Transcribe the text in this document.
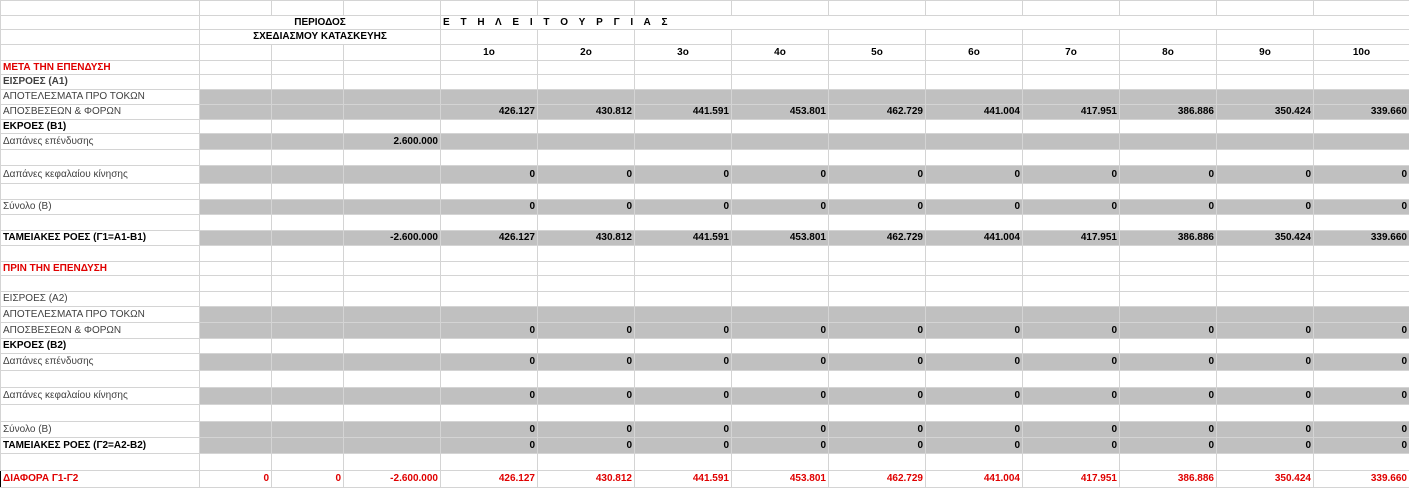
	ΠΕΡΙΟΔΟΣ			Ε Τ Η Λ Ε Ι Τ Ο Υ Ρ Γ Ι Α Σ									
	ΣΧΕΔΙΑΣΜΟΥ ΚΑΤΑΣΚΕΥΗΣ												
				1o	2o	3o	4o	5o	6o	7o	8o	9o	10o
ΜΕΤΑ ΤΗΝ ΕΠΕΝΔΥΣΗ													
ΕΙΣΡΟΕΣ (Α1)													
ΑΠΟΤΕΛΕΣΜΑΤΑ ΠΡΟ ΤΟΚΩΝ													
ΑΠΟΣΒΕΣΕΩΝ & ΦΟΡΩΝ				426.127	430.812	441.591	453.801	462.729	441.004	417.951	386.886	350.424	339.660
ΕΚΡΟΕΣ (Β1)													
Δαπάνες επένδυσης			2.600.000										

Δαπάνες κεφαλαίου κίνησης				0	0	0	0	0	0	0	0	0	0

Σύνολο (Β)				0	0	0	0	0	0	0	0	0	0

ΤΑΜΕΙΑΚΕΣ ΡΟΕΣ (Γ1=Α1-Β1)			-2.600.000	426.127	430.812	441.591	453.801	462.729	441.004	417.951	386.886	350.424	339.660

ΠΡΙΝ ΤΗΝ ΕΠΕΝΔΥΣΗ													

ΕΙΣΡΟΕΣ (Α2)													
ΑΠΟΤΕΛΕΣΜΑΤΑ ΠΡΟ ΤΟΚΩΝ													
ΑΠΟΣΒΕΣΕΩΝ & ΦΟΡΩΝ				0	0	0	0	0	0	0	0	0	0
ΕΚΡΟΕΣ (Β2)													
Δαπάνες επένδυσης				0	0	0	0	0	0	0	0	0	0

Δαπάνες κεφαλαίου κίνησης				0	0	0	0	0	0	0	0	0	0

Σύνολο (Β)				0	0	0	0	0	0	0	0	0	0
ΤΑΜΕΙΑΚΕΣ ΡΟΕΣ (Γ2=Α2-Β2)				0	0	0	0	0	0	0	0	0	0

ΔΙΑΦΟΡΑ Γ1-Γ2	0	0	-2.600.000	426.127	430.812	441.591	453.801	462.729	441.004	417.951	386.886	350.424	339.660
